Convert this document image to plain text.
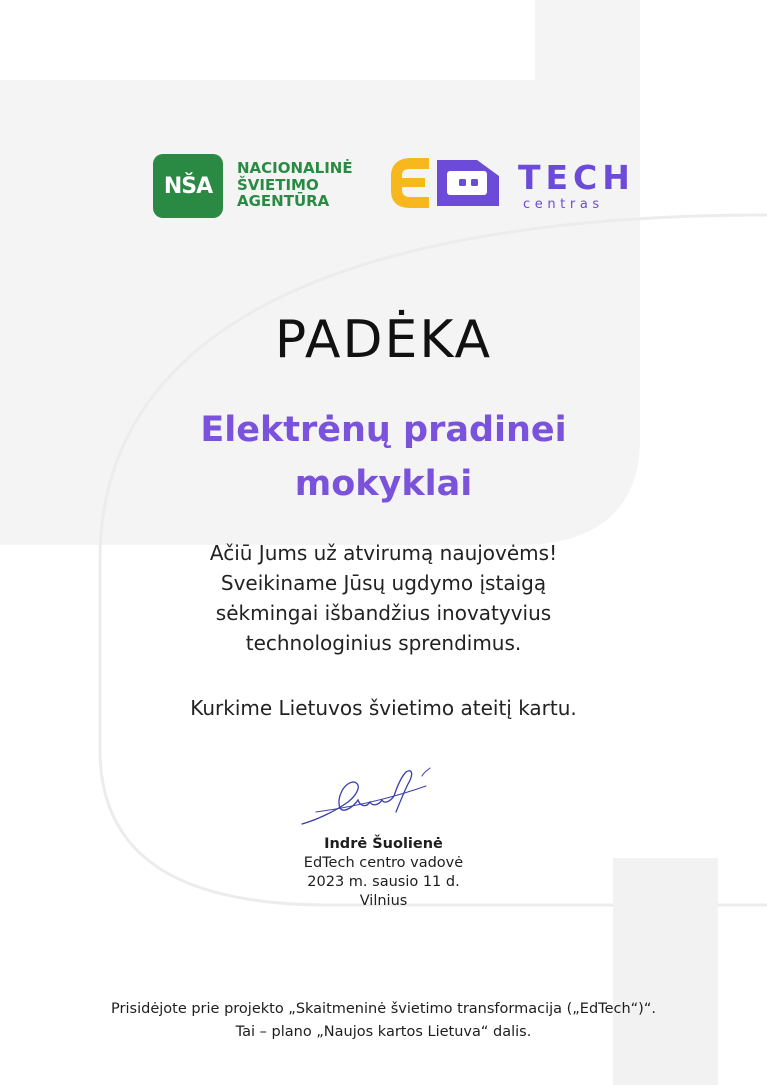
NŠA
NACIONALINĖ
ŠVIETIMO
AGENTŪRA
TECH
centras
PADĖKA
Elektrėnų pradinei
mokyklai
Ačiū Jums už atvirumą naujovėms!
Sveikiname Jūsų ugdymo įstaigą
sėkmingai išbandžius inovatyvius
technologinius sprendimus.
Kurkime Lietuvos švietimo ateitį kartu.
Indrė Šuolienė
EdTech centro vadovė
2023 m. sausio 11 d.
Vilnius
Prisidėjote prie projekto „Skaitmeninė švietimo transformacija („EdTech“)“.
Tai – plano „Naujos kartos Lietuva“ dalis.
